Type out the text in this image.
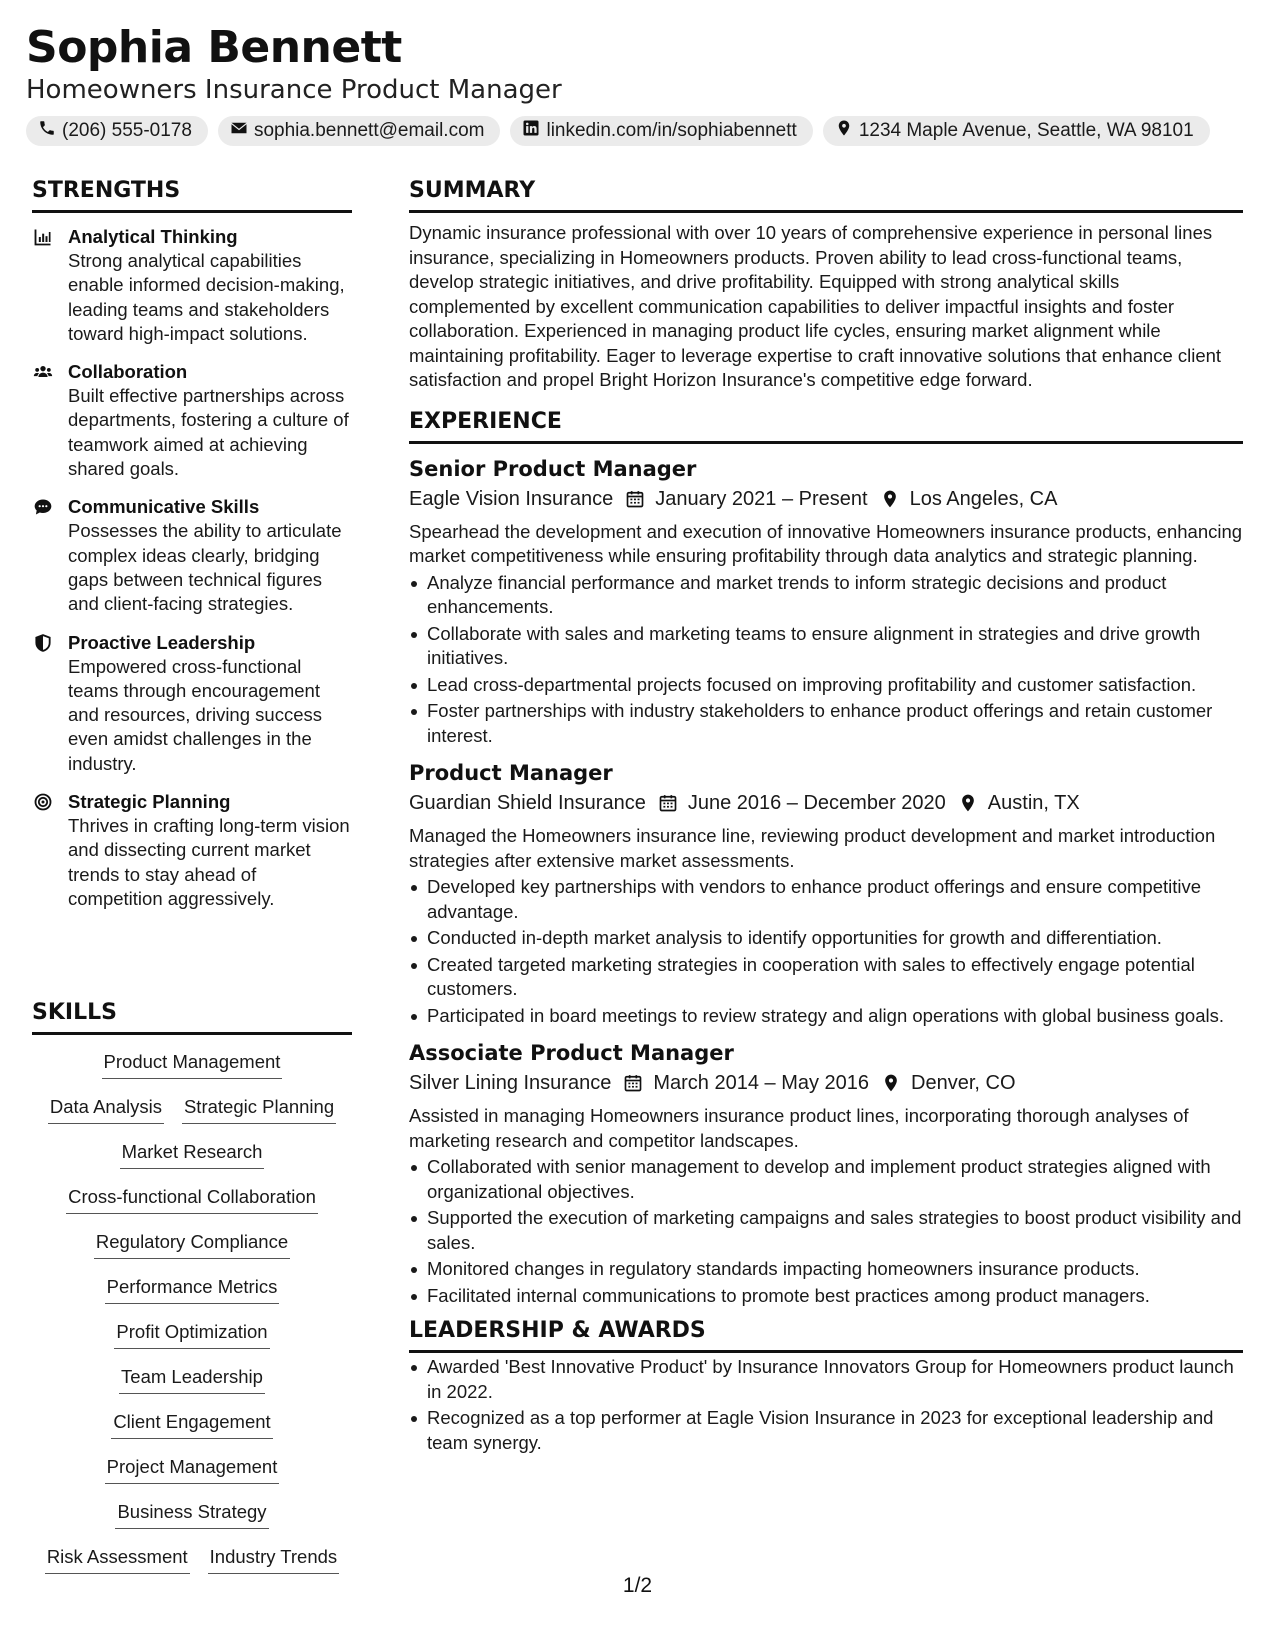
Sophia Bennett
Homeowners Insurance Product Manager
(206) 555-0178	sophia.bennett@email.com	linkedin.com/in/sophiabennett	1234 Maple Avenue, Seattle, WA 98101
STRENGTHS
Analytical Thinking
Strong analytical capabilities enable informed decision-making, leading teams and stakeholders toward high-impact solutions.
Collaboration
Built effective partnerships across departments, fostering a culture of teamwork aimed at achieving shared goals.
Communicative Skills
Possesses the ability to articulate complex ideas clearly, bridging gaps between technical figures and client-facing strategies.
Proactive Leadership
Empowered cross-functional teams through encouragement and resources, driving success even amidst challenges in the industry.
Strategic Planning
Thrives in crafting long-term vision and dissecting current market trends to stay ahead of competition aggressively.
SKILLS
Product Management
Data Analysis Strategic Planning
Market Research
Cross-functional Collaboration
Regulatory Compliance
Performance Metrics
Profit Optimization
Team Leadership
Client Engagement
Project Management
Business Strategy
Risk Assessment Industry Trends
SUMMARY
Dynamic insurance professional with over 10 years of comprehensive experience in personal lines insurance, specializing in Homeowners products. Proven ability to lead cross-functional teams, develop strategic initiatives, and drive profitability. Equipped with strong analytical skills complemented by excellent communication capabilities to deliver impactful insights and foster collaboration. Experienced in managing product life cycles, ensuring market alignment while maintaining profitability. Eager to leverage expertise to craft innovative solutions that enhance client satisfaction and propel Bright Horizon Insurance's competitive edge forward.
EXPERIENCE
Senior Product Manager
Eagle Vision Insurance January 2021 – Present Los Angeles, CA
Spearhead the development and execution of innovative Homeowners insurance products, enhancing market competitiveness while ensuring profitability through data analytics and strategic planning.
Analyze financial performance and market trends to inform strategic decisions and product enhancements.
Collaborate with sales and marketing teams to ensure alignment in strategies and drive growth initiatives.
Lead cross-departmental projects focused on improving profitability and customer satisfaction.
Foster partnerships with industry stakeholders to enhance product offerings and retain customer interest.
Product Manager
Guardian Shield Insurance June 2016 – December 2020 Austin, TX
Managed the Homeowners insurance line, reviewing product development and market introduction strategies after extensive market assessments.
Developed key partnerships with vendors to enhance product offerings and ensure competitive advantage.
Conducted in-depth market analysis to identify opportunities for growth and differentiation.
Created targeted marketing strategies in cooperation with sales to effectively engage potential customers.
Participated in board meetings to review strategy and align operations with global business goals.
Associate Product Manager
Silver Lining Insurance March 2014 – May 2016 Denver, CO
Assisted in managing Homeowners insurance product lines, incorporating thorough analyses of marketing research and competitor landscapes.
Collaborated with senior management to develop and implement product strategies aligned with organizational objectives.
Supported the execution of marketing campaigns and sales strategies to boost product visibility and sales.
Monitored changes in regulatory standards impacting homeowners insurance products.
Facilitated internal communications to promote best practices among product managers.
LEADERSHIP & AWARDS
Awarded 'Best Innovative Product' by Insurance Innovators Group for Homeowners product launch in 2022.
Recognized as a top performer at Eagle Vision Insurance in 2023 for exceptional leadership and team synergy.
1/2
